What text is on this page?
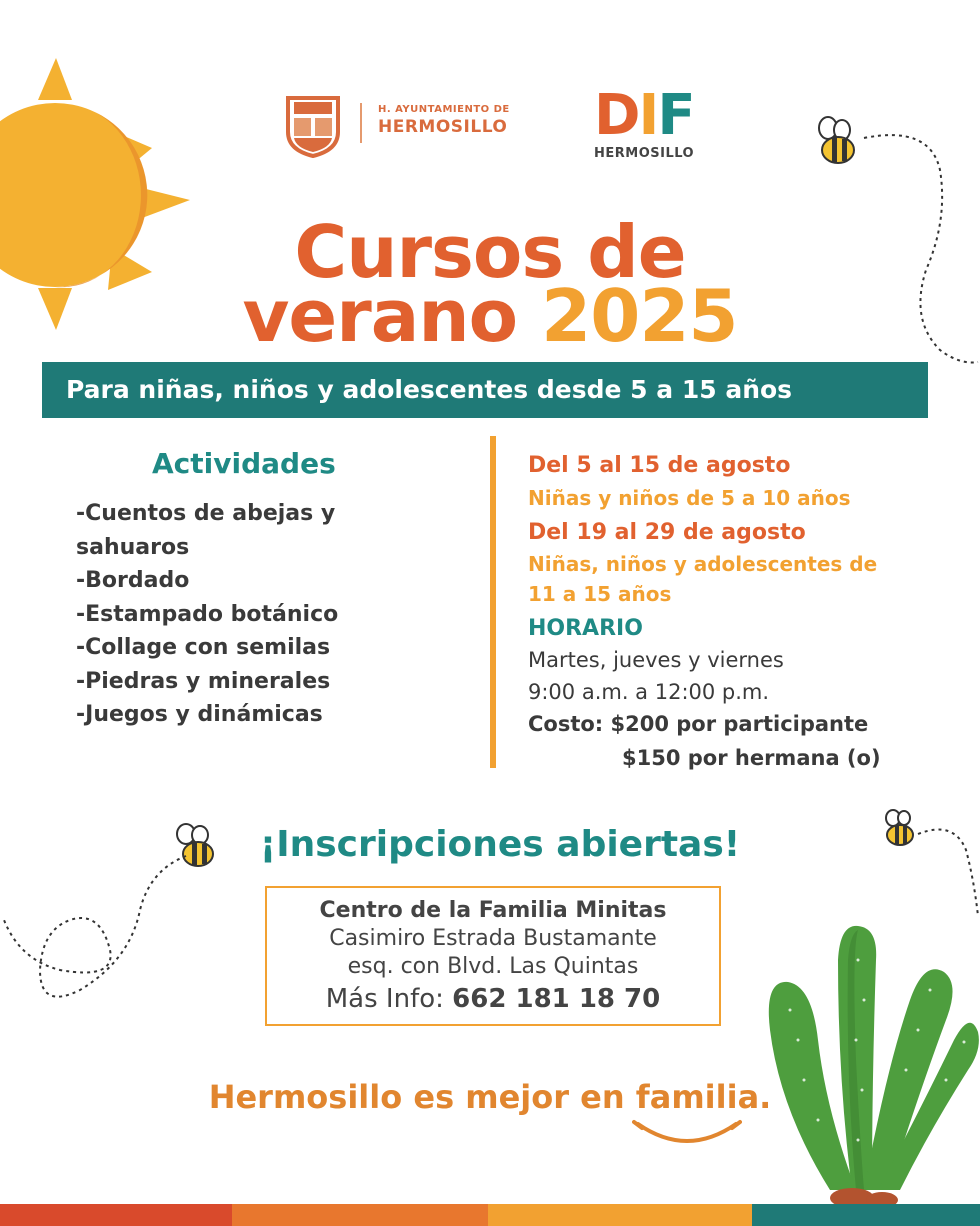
H. AYUNTAMIENTO DE
HERMOSILLO	DIF
HERMOSILLO
Cursos de
verano 2025
Para niñas, niños y adolescentes desde 5 a 15 años
Actividades
-Cuentos de abejas y
sahuaros
-Bordado
-Estampado botánico
-Collage con semilas
-Piedras y minerales
-Juegos y dinámicas
Del 5 al 15 de agosto
Niñas y niños de 5 a 10 años
Del 19 al 29 de agosto
Niñas, niños y adolescentes de
11 a 15 años
HORARIO
Martes, jueves y viernes
9:00 a.m. a 12:00 p.m.
Costo: $200 por participante
$150 por hermana (o)
¡Inscripciones abiertas!
Centro de la Familia Minitas
Casimiro Estrada Bustamante
esq. con Blvd. Las Quintas
Más Info: 662 181 18 70
Hermosillo es mejor en familia.
